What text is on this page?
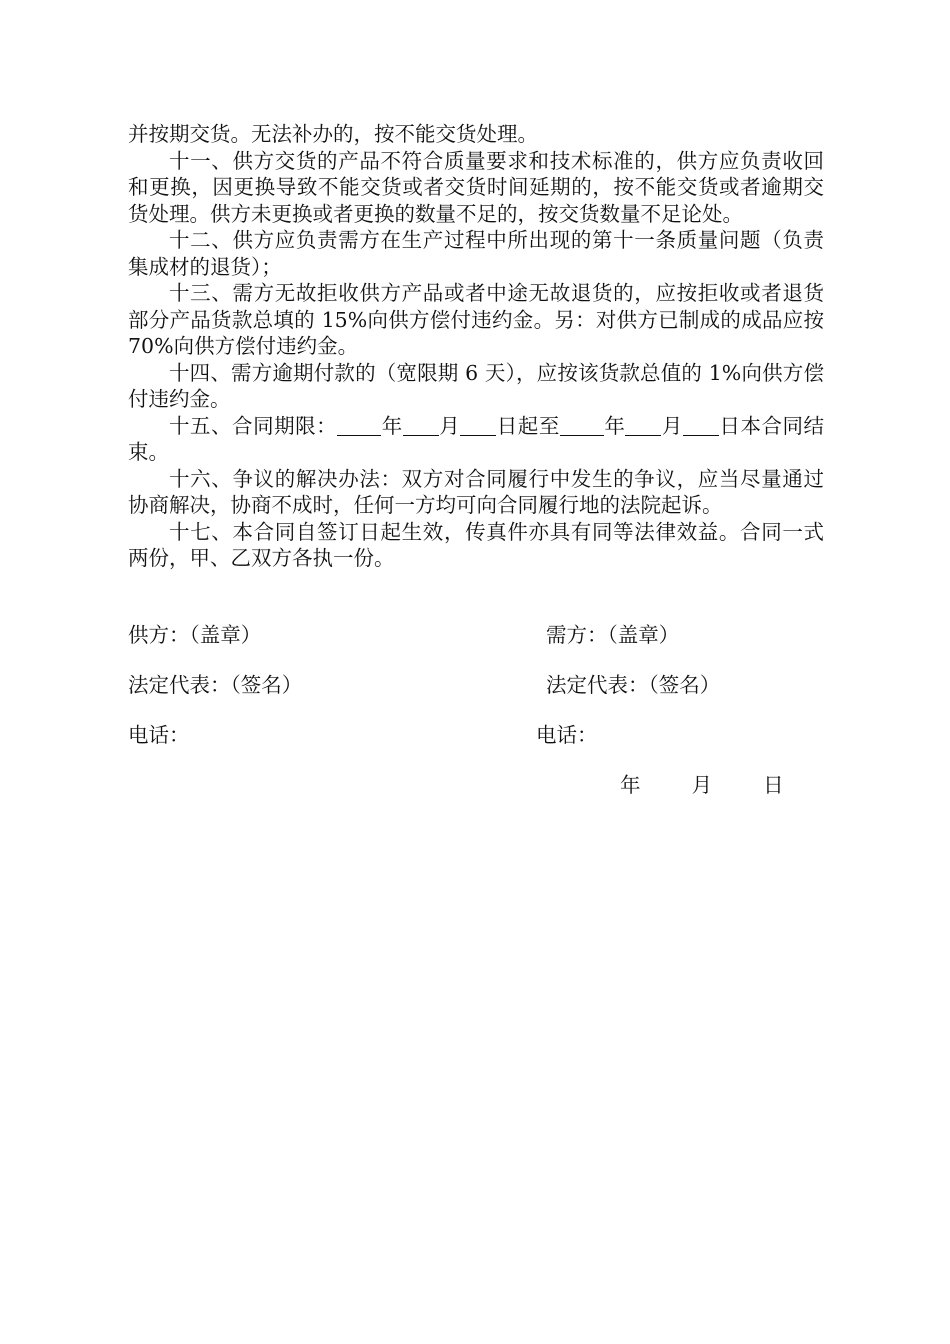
并按期交货。无法补办的，按不能交货处理。

十一、供方交货的产品不符合质量要求和技术标准的，供方应负责收回和更换，因更换导致不能交货或者交货时间延期的，按不能交货或者逾期交货处理。供方未更换或者更换的数量不足的，按交货数量不足论处。

十二、供方应负责需方在生产过程中所出现的第十一条质量问题（负责集成材的退货）；

十三、需方无故拒收供方产品或者中途无故退货的，应按拒收或者退货部分产品货款总填的 15%向供方偿付违约金。另：对供方已制成的成品应按 70%向供方偿付违约金。

十四、需方逾期付款的（宽限期 6 天），应按该货款总值的 1%向供方偿付违约金。

十五、合同期限： 年 月 日起至 年 月 日本合同结束。

十六、争议的解决办法：双方对合同履行中发生的争议，应当尽量通过协商解决，协商不成时，任何一方均可向合同履行地的法院起诉。

十七、本合同自签订日起生效，传真件亦具有同等法律效益。合同一式两份，甲、乙双方各执一份。

供方：（盖章）	需方：（盖章）
法定代表：（签名）	法定代表：（签名）
电话：	电话：
年 月 日
